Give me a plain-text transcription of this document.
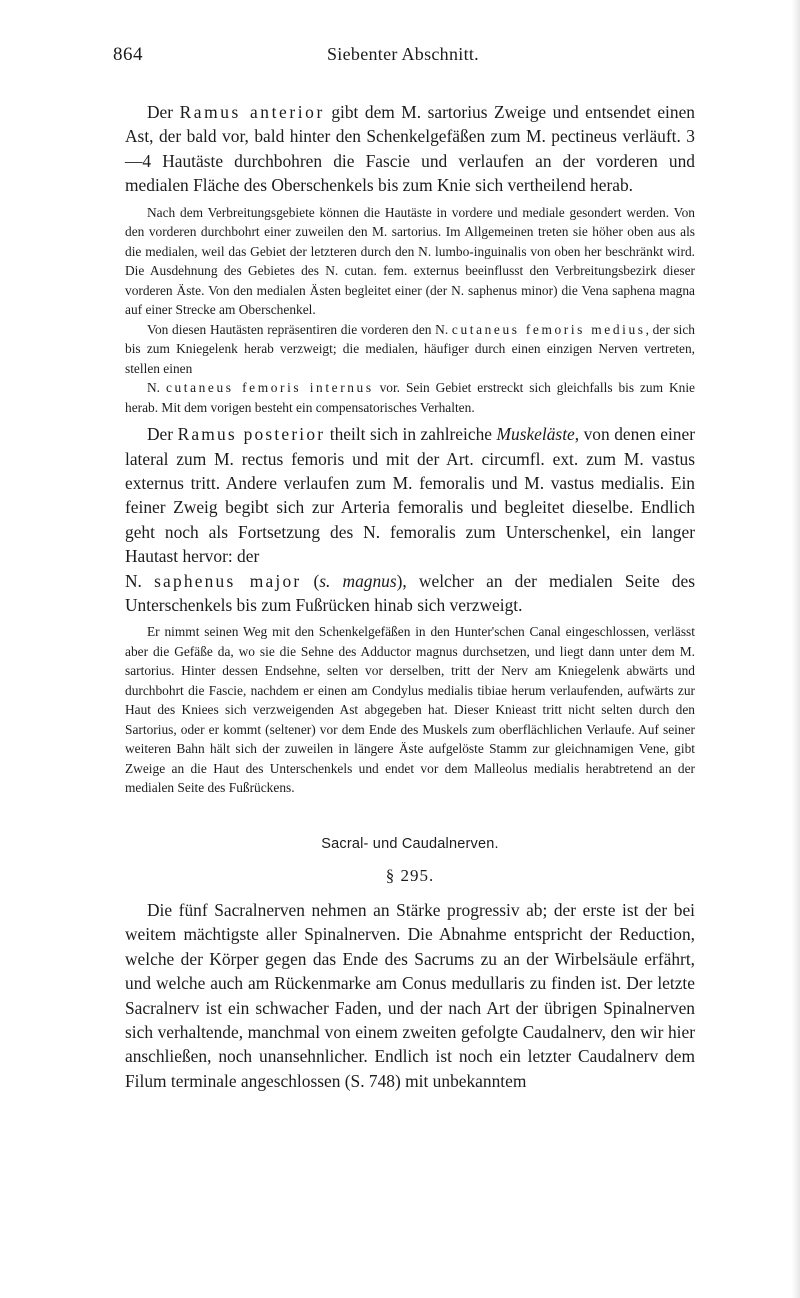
864	Siebenter Abschnitt.

Der Ramus anterior gibt dem M. sartorius Zweige und entsendet einen Ast, der bald vor, bald hinter den Schenkelgefäßen zum M. pectineus verläuft. 3—4 Hautäste durchbohren die Fascie und verlaufen an der vorderen und medialen Fläche des Oberschenkels bis zum Knie sich vertheilend herab.

Nach dem Verbreitungsgebiete können die Hautäste in vordere und mediale gesondert werden. Von den vorderen durchbohrt einer zuweilen den M. sartorius. Im Allgemeinen treten sie höher oben aus als die medialen, weil das Gebiet der letzteren durch den N. lumbo-inguinalis von oben her beschränkt wird. Die Ausdehnung des Gebietes des N. cutan. fem. externus beeinflusst den Verbreitungsbezirk dieser vorderen Äste. Von den medialen Ästen begleitet einer (der N. saphenus minor) die Vena saphena magna auf einer Strecke am Oberschenkel.

Von diesen Hautästen repräsentiren die vorderen den N. cutaneus femoris medius, der sich bis zum Kniegelenk herab verzweigt; die medialen, häufiger durch einen einzigen Nerven vertreten, stellen einen

N. cutaneus femoris internus vor. Sein Gebiet erstreckt sich gleichfalls bis zum Knie herab. Mit dem vorigen besteht ein compensatorisches Verhalten.

Der Ramus posterior theilt sich in zahlreiche Muskeläste, von denen einer lateral zum M. rectus femoris und mit der Art. circumfl. ext. zum M. vastus externus tritt. Andere verlaufen zum M. femoralis und M. vastus medialis. Ein feiner Zweig begibt sich zur Arteria femoralis und begleitet dieselbe. Endlich geht noch als Fortsetzung des N. femoralis zum Unterschenkel, ein langer Hautast hervor: der

N. saphenus major (s. magnus), welcher an der medialen Seite des Unterschenkels bis zum Fußrücken hinab sich verzweigt.

Er nimmt seinen Weg mit den Schenkelgefäßen in den Hunter'schen Canal eingeschlossen, verlässt aber die Gefäße da, wo sie die Sehne des Adductor magnus durchsetzen, und liegt dann unter dem M. sartorius. Hinter dessen Endsehne, selten vor derselben, tritt der Nerv am Kniegelenk abwärts und durchbohrt die Fascie, nachdem er einen am Condylus medialis tibiae herum verlaufenden, aufwärts zur Haut des Kniees sich verzweigenden Ast abgegeben hat. Dieser Knieast tritt nicht selten durch den Sartorius, oder er kommt (seltener) vor dem Ende des Muskels zum oberflächlichen Verlaufe. Auf seiner weiteren Bahn hält sich der zuweilen in längere Äste aufgelöste Stamm zur gleichnamigen Vene, gibt Zweige an die Haut des Unterschenkels und endet vor dem Malleolus medialis herabtretend an der medialen Seite des Fußrückens.

Sacral- und Caudalnerven.
§ 295.

Die fünf Sacralnerven nehmen an Stärke progressiv ab; der erste ist der bei weitem mächtigste aller Spinalnerven. Die Abnahme entspricht der Reduction, welche der Körper gegen das Ende des Sacrums zu an der Wirbelsäule erfährt, und welche auch am Rückenmarke am Conus medullaris zu finden ist. Der letzte Sacralnerv ist ein schwacher Faden, und der nach Art der übrigen Spinalnerven sich verhaltende, manchmal von einem zweiten gefolgte Caudalnerv, den wir hier anschließen, noch unansehnlicher. Endlich ist noch ein letzter Caudalnerv dem Filum terminale angeschlossen (S. 748) mit unbekanntem
